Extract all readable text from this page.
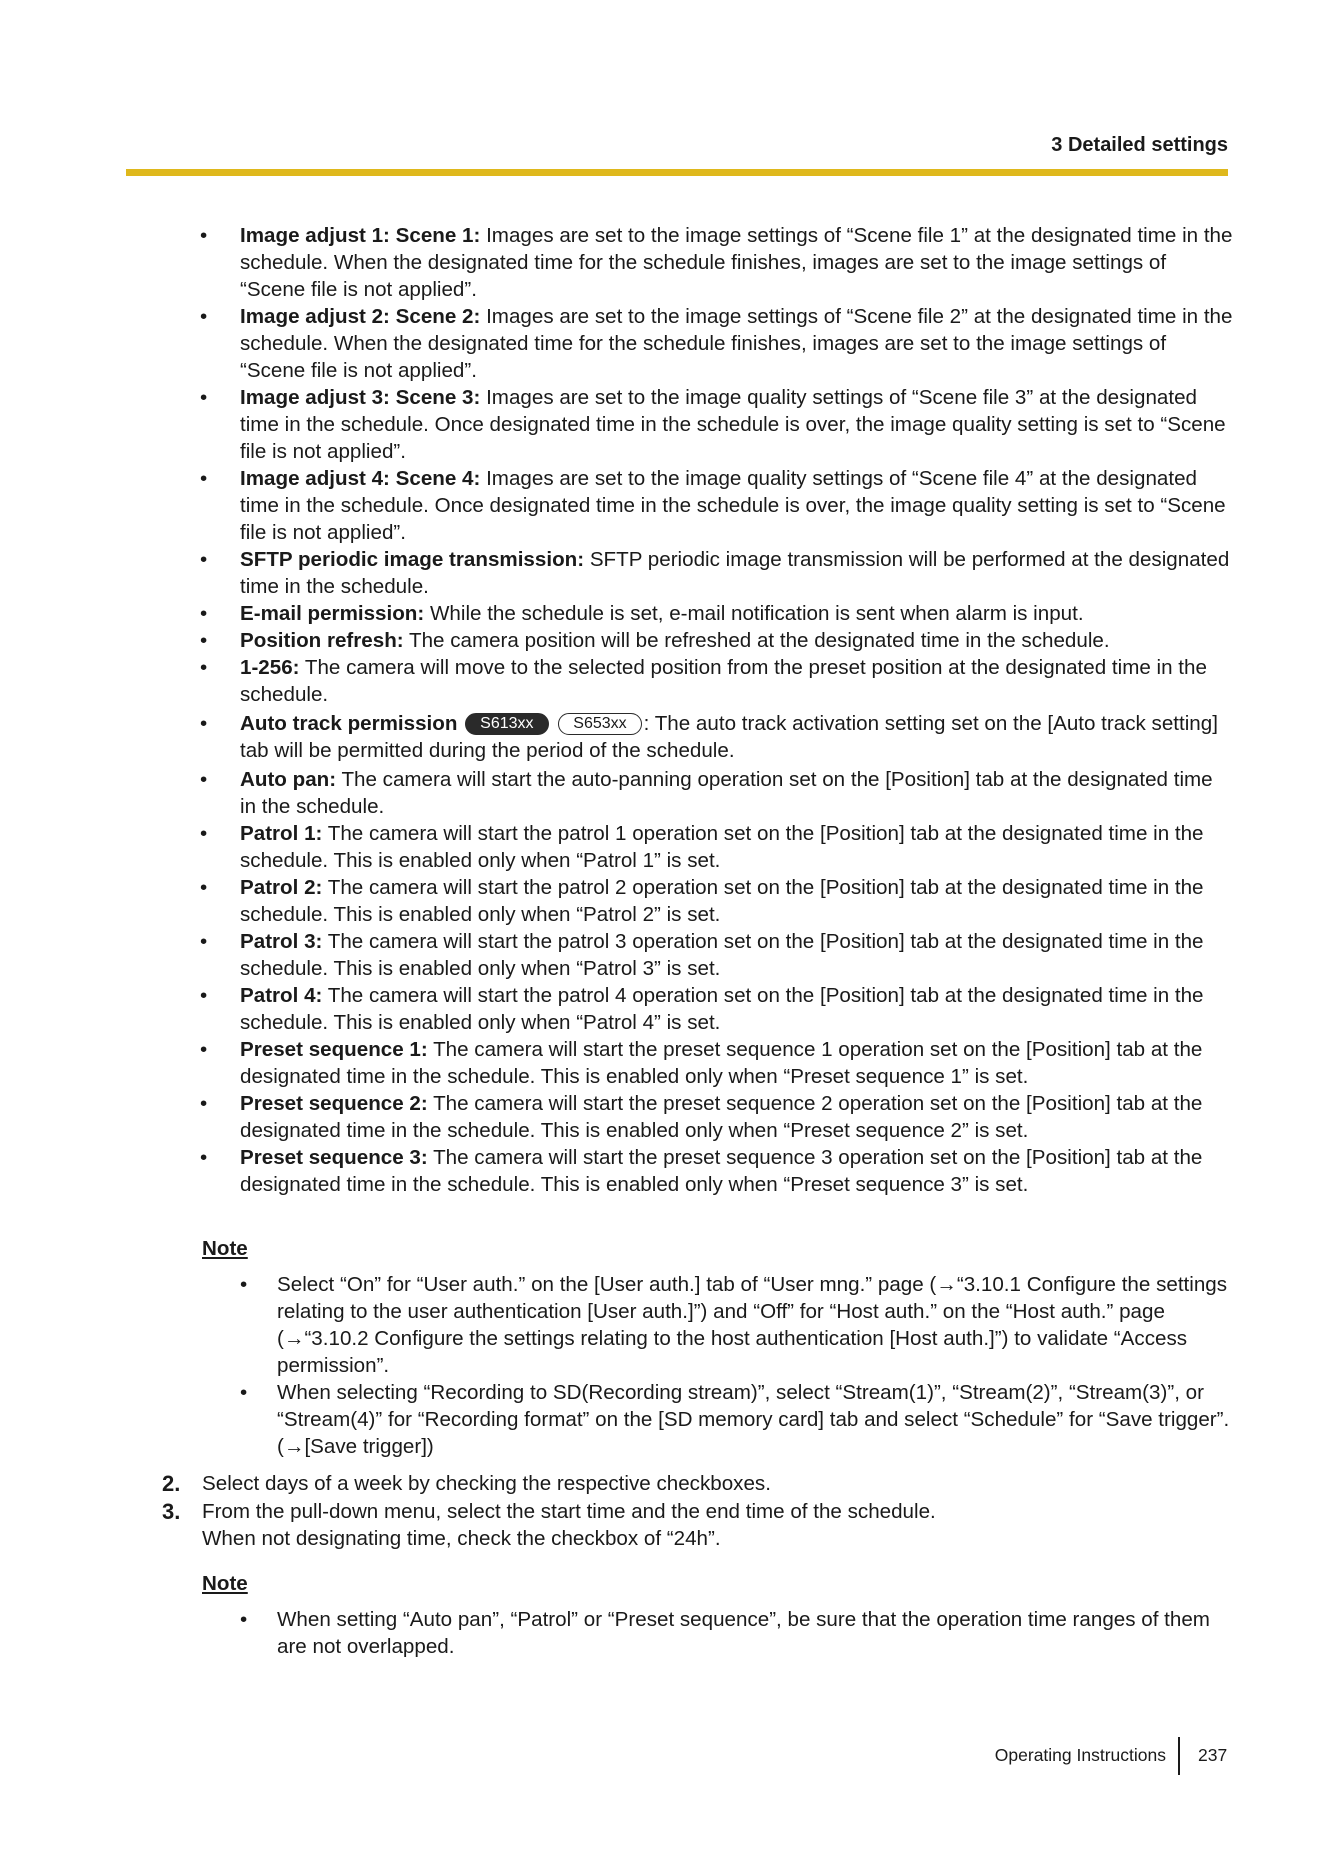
3 Detailed settings
• Image adjust 1: Scene 1: Images are set to the image settings of “Scene file 1” at the designated time in the schedule. When the designated time for the schedule finishes, images are set to the image settings of “Scene file is not applied”.
• Image adjust 2: Scene 2: Images are set to the image settings of “Scene file 2” at the designated time in the schedule. When the designated time for the schedule finishes, images are set to the image settings of “Scene file is not applied”.
• Image adjust 3: Scene 3: Images are set to the image quality settings of “Scene file 3” at the designated time in the schedule. Once designated time in the schedule is over, the image quality setting is set to “Scene file is not applied”.
• Image adjust 4: Scene 4: Images are set to the image quality settings of “Scene file 4” at the designated time in the schedule. Once designated time in the schedule is over, the image quality setting is set to “Scene file is not applied”.
• SFTP periodic image transmission: SFTP periodic image transmission will be performed at the designated time in the schedule.
• E-mail permission: While the schedule is set, e-mail notification is sent when alarm is input.
• Position refresh: The camera position will be refreshed at the designated time in the schedule.
• 1-256: The camera will move to the selected position from the preset position at the designated time in the schedule.
• Auto track permission S613xx S653xx : The auto track activation setting set on the [Auto track setting] tab will be permitted during the period of the schedule.
• Auto pan: The camera will start the auto-panning operation set on the [Position] tab at the designated time in the schedule.
• Patrol 1: The camera will start the patrol 1 operation set on the [Position] tab at the designated time in the schedule. This is enabled only when “Patrol 1” is set.
• Patrol 2: The camera will start the patrol 2 operation set on the [Position] tab at the designated time in the schedule. This is enabled only when “Patrol 2” is set.
• Patrol 3: The camera will start the patrol 3 operation set on the [Position] tab at the designated time in the schedule. This is enabled only when “Patrol 3” is set.
• Patrol 4: The camera will start the patrol 4 operation set on the [Position] tab at the designated time in the schedule. This is enabled only when “Patrol 4” is set.
• Preset sequence 1: The camera will start the preset sequence 1 operation set on the [Position] tab at the designated time in the schedule. This is enabled only when “Preset sequence 1” is set.
• Preset sequence 2: The camera will start the preset sequence 2 operation set on the [Position] tab at the designated time in the schedule. This is enabled only when “Preset sequence 2” is set.
• Preset sequence 3: The camera will start the preset sequence 3 operation set on the [Position] tab at the designated time in the schedule. This is enabled only when “Preset sequence 3” is set.
Note
• Select “On” for “User auth.” on the [User auth.] tab of “User mng.” page (→“3.10.1 Configure the settings relating to the user authentication [User auth.]”) and “Off” for “Host auth.” on the “Host auth.” page (→“3.10.2 Configure the settings relating to the host authentication [Host auth.]”) to validate “Access permission”.
• When selecting “Recording to SD(Recording stream)”, select “Stream(1)”, “Stream(2)”, “Stream(3)”, or “Stream(4)” for “Recording format” on the [SD memory card] tab and select “Schedule” for “Save trigger”. (→[Save trigger])
2. Select days of a week by checking the respective checkboxes.
3. From the pull-down menu, select the start time and the end time of the schedule.
When not designating time, check the checkbox of “24h”.
Note
• When setting “Auto pan”, “Patrol” or “Preset sequence”, be sure that the operation time ranges of them are not overlapped.
Operating Instructions 237
